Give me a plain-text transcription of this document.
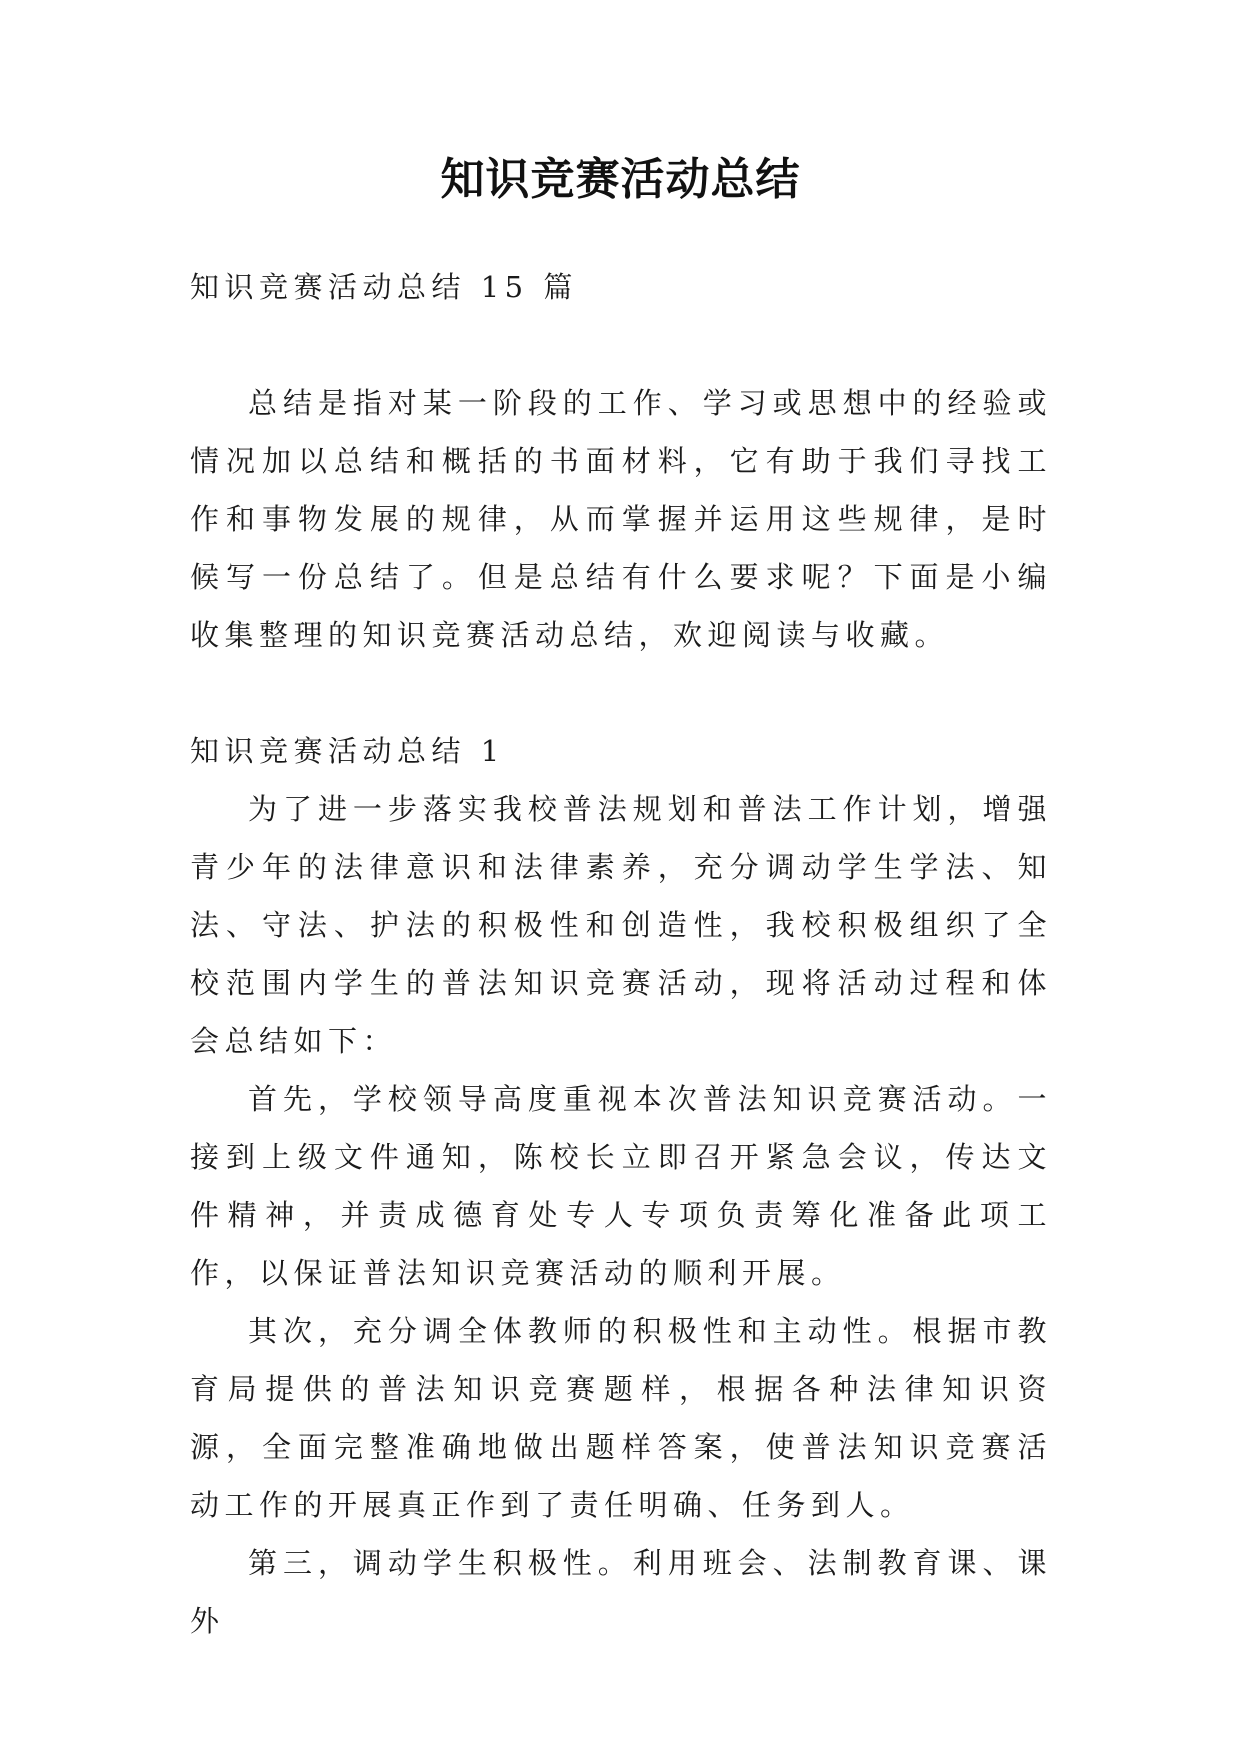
知识竞赛活动总结

知识竞赛活动总结 15 篇

总结是指对某一阶段的工作、学习或思想中的经验或情况加以总结和概括的书面材料，它有助于我们寻找工作和事物发展的规律，从而掌握并运用这些规律，是时候写一份总结了。但是总结有什么要求呢？下面是小编收集整理的知识竞赛活动总结，欢迎阅读与收藏。

知识竞赛活动总结 1

为了进一步落实我校普法规划和普法工作计划，增强青少年的法律意识和法律素养，充分调动学生学法、知法、守法、护法的积极性和创造性，我校积极组织了全校范围内学生的普法知识竞赛活动，现将活动过程和体会总结如下：

首先，学校领导高度重视本次普法知识竞赛活动。一接到上级文件通知，陈校长立即召开紧急会议，传达文件精神，并责成德育处专人专项负责筹化准备此项工作，以保证普法知识竞赛活动的顺利开展。

其次，充分调全体教师的积极性和主动性。根据市教育局提供的普法知识竞赛题样，根据各种法律知识资源，全面完整准确地做出题样答案，使普法知识竞赛活动工作的开展真正作到了责任明确、任务到人。

第三，调动学生积极性。利用班会、法制教育课、课外
